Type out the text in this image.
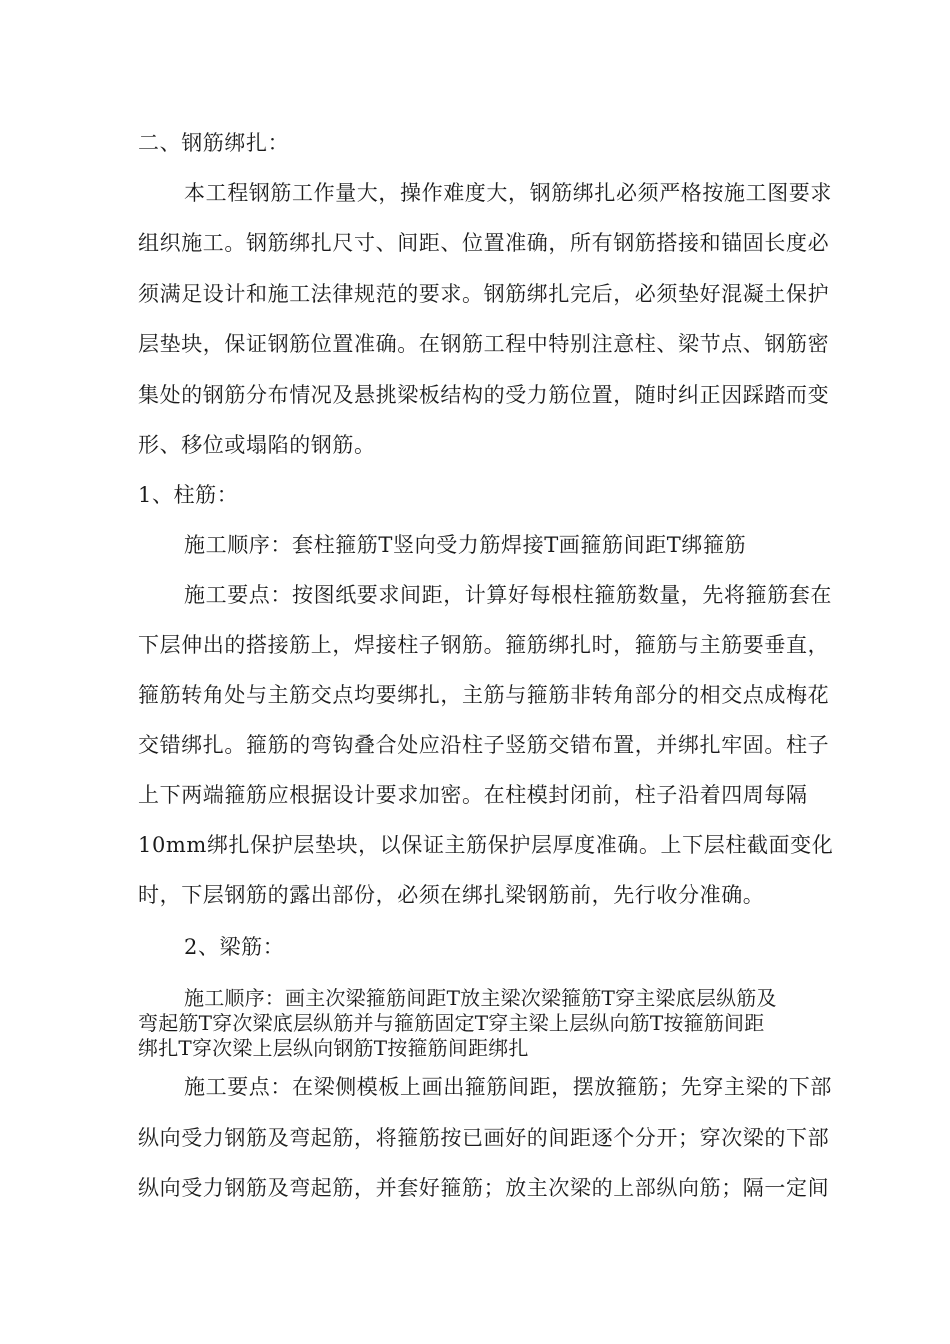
二、钢筋绑扎：
本工程钢筋工作量大，操作难度大，钢筋绑扎必须严格按施工图要求
组织施工。钢筋绑扎尺寸、间距、位置准确，所有钢筋搭接和锚固长度必
须满足设计和施工法律规范的要求。钢筋绑扎完后，必须垫好混凝土保护
层垫块，保证钢筋位置准确。在钢筋工程中特别注意柱、梁节点、钢筋密
集处的钢筋分布情况及悬挑梁板结构的受力筋位置，随时纠正因踩踏而变
形、移位或塌陷的钢筋。
1、柱筋：
施工顺序：套柱箍筋T竖向受力筋焊接T画箍筋间距T绑箍筋
施工要点：按图纸要求间距，计算好每根柱箍筋数量，先将箍筋套在
下层伸出的搭接筋上，焊接柱子钢筋。箍筋绑扎时，箍筋与主筋要垂直，
箍筋转角处与主筋交点均要绑扎，主筋与箍筋非转角部分的相交点成梅花
交错绑扎。箍筋的弯钩叠合处应沿柱子竖筋交错布置，并绑扎牢固。柱子
上下两端箍筋应根据设计要求加密。在柱模封闭前，柱子沿着四周每隔
10mm绑扎保护层垫块，以保证主筋保护层厚度准确。上下层柱截面变化
时，下层钢筋的露出部份，必须在绑扎梁钢筋前，先行收分准确。
2、梁筋：
施工顺序：画主次梁箍筋间距T放主梁次梁箍筋T穿主梁底层纵筋及
弯起筋T穿次梁底层纵筋并与箍筋固定T穿主梁上层纵向筋T按箍筋间距
绑扎T穿次梁上层纵向钢筋T按箍筋间距绑扎
施工要点：在梁侧模板上画出箍筋间距，摆放箍筋；先穿主梁的下部
纵向受力钢筋及弯起筋，将箍筋按已画好的间距逐个分开；穿次梁的下部
纵向受力钢筋及弯起筋，并套好箍筋；放主次梁的上部纵向筋；隔一定间
